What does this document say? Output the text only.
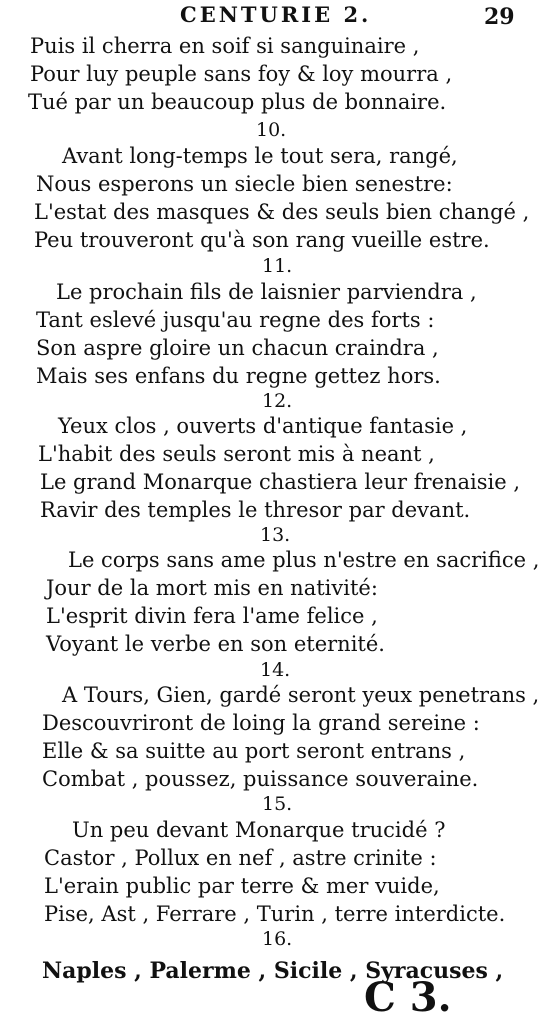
CENTURIE 2.	29
Puis il cherra en soif si sanguinaire ,
Pour luy peuple sans foy & loy mourra ,
Tué par un beaucoup plus de bonnaire.
10.
Avant long-temps le tout sera, rangé,
Nous esperons un siecle bien senestre:
L'estat des masques & des seuls bien changé ,
Peu trouveront qu'à son rang vueille estre.
11.
Le prochain fils de laisnier parviendra ,
Tant eslevé jusqu'au regne des forts :
Son aspre gloire un chacun craindra ,
Mais ses enfans du regne gettez hors.
12.
Yeux clos , ouverts d'antique fantasie ,
L'habit des seuls seront mis à neant ,
Le grand Monarque chastiera leur frenaisie ,
Ravir des temples le thresor par devant.
13.
Le corps sans ame plus n'estre en sacrifice ,
Jour de la mort mis en nativité:
L'esprit divin fera l'ame felice ,
Voyant le verbe en son eternité.
14.
A Tours, Gien, gardé seront yeux penetrans ,
Descouvriront de loing la grand sereine :
Elle & sa suitte au port seront entrans ,
Combat , poussez, puissance souveraine.
15.
Un peu devant Monarque trucidé ?
Castor , Pollux en nef , astre crinite :
L'erain public par terre & mer vuide,
Pise, Ast , Ferrare , Turin , terre interdicte.
16.
Naples , Palerme , Sicile , Syracuses ,
C 3.
